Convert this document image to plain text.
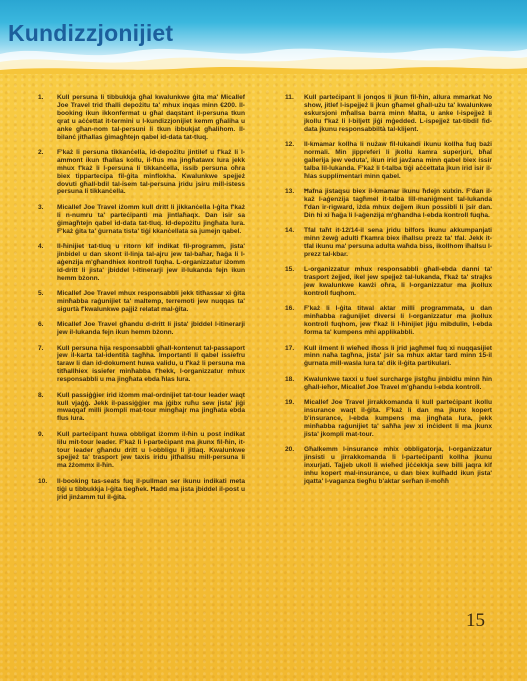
Kundizzjonijiet
1.	Kull persuna li tibbukkja għal kwalunkwe ġita ma' Micallef Joe Travel trid tħalli depożitu ta' mhux inqas minn €200. Il-booking ikun ikkonfermat u għal daqstant il-persuna tkun qrat u aċċettat it-termini u l-kundizzjonijiet kemm għaliha u anke għan-nom tal-persuni li tkun ibbukjat għalihom. Il-bilanċ jitħallas ġimagħtejn qabel id-data tat-tluq.
2.	F'każ li persuna tikkanċella, id-depożitu jintilef u f'każ li l-ammont ikun tħallas kollu, il-flus ma jingħatawx lura jekk mhux f'każ li l-persuna li tikkanċella, issib persuna oħra biex tippartecipa fil-ġita minflokha. Kwalunkwe spejjeż dovuti għall-bdil tal-isem tal-persuna jridu jsiru mill-istess persuna li tikkanċella.
3.	Micallef Joe Travel iżomm kull dritt li jikkanċella l-ġita f'każ li n-numru ta' parteċipanti ma jintlaħaqx. Dan isir sa ġimagħtejn qabel id-data tat-tluq. Id-depożitu jingħata lura. F'każ ġita ta' ġurnata tista' tiġi kkanċellata sa jumejn qabel.
4.	Il-ħinijiet tat-tluq u ritorn kif indikat fil-programm, jista' jinbidel u dan skont il-linja tal-ajru jew tal-baħar, ħaġa li l-aġenzija m'għandhiex kontroll fuqha. L-organizzatur iżomm id-dritt li jista' jbiddel l-itinerarji jew il-lukanda fejn ikun hemm bżonn.
5.	Micallef Joe Travel mhux responsabbli jekk titħassar xi ġita minħabba raġunijiet ta' maltemp, terremoti jew nuqqas ta' sigurtà f'kwalunkwe pajjiż relatat mal-ġita.
6.	Micallef Joe Travel għandu d-dritt li jista' jbiddel l-itinerarji jew il-lukanda fejn ikun hemm bżonn.
7.	Kull persuna hija responsabbli għall-kontenut tal-passaport jew il-karta tal-identità tagħha. Importanti li qabel issiefru taraw li dan id-dokument huwa validu, u f'każ li persuna ma titħallhiex issiefer minħabba f'hekk, l-organizzatur mhux responsabbli u ma jingħata ebda ħlas lura.
8.	Kull passiġġier irid iżomm mal-ordnijiet tat-tour leader waqt kull vjaġġ. Jekk il-passiġġier ma jġibx ruħu sew jista' jiġi mwaqqaf milli jkompli mat-tour mingħajr ma jingħata ebda flus lura.
9.	Kull parteċipant huwa obbligat iżomm il-ħin u post indikat lilu mit-tour leader. F'każ li l-parteċipant ma jkunx fil-ħin, it-tour leader għandu dritt u l-obbligu li jitlaq. Kwalunkwe spejjeż ta' trasport jew taxis iridu jitħallsu mill-persuna li ma żżommx il-ħin.
10.	Il-booking tas-seats fuq il-pullman ser ikunu indikati meta tiġi u tibbukkja l-ġita tiegħek. Ħadd ma jista jbiddel il-post u jrid jinżamm tul il-ġita.
11.	Kull parteċipant li jonqos li jkun fil-ħin, allura mmarkat No show, jitlef l-ispejjeż li jkun għamel għall-użu ta' kwalunkwe eskursjoni mħallsa barra minn Malta, u anke l-ispejjeż li jkollu f'każ li l-biljett jiġi mġedded. L-ispejjeż tat-tibdil fid-data jkunu responsabbiltà tal-klijent.
12.	Il-kmamar kollha li nużaw fil-lukandi ikunu kollha fuq bażi normali. Min jippreferi li jkollu kamra superjuri, bħal gallerija jew veduta', ikun irid javżana minn qabel biex issir talba lil-lukanda. F'każ li t-talba tiġi aċċettata jkun irid isir il-ħlas supplimentari minn qabel.
13.	Ħafna jistaqsu biex il-kmamar ikunu ħdejn xulxin. F'dan il-każ l-aġenzija tagħmel it-talba lill-maniġment tal-lukanda f'dan ir-rigward, iżda mhux dejjem ikun possibli li jsir dan. Din hi xi ħaġa li l-aġenzija m'għandha l-ebda kontroll fuqha.
14.	Tfal taħt it-12/14-il sena jridu bilfors ikunu akkumpanjati minn żewġ adulti f'kamra biex iħallsu prezz ta' tfal. Jekk it-tfal ikunu ma' persuna adulta waħda biss, ikollhom iħallsu l-prezz tal-kbar.
15.	L-organizzatur mhux responsabbli għall-ebda danni ta' trasport żejjed, ikel jew spejjeż tal-lukanda, f'każ ta' strajks jew kwalunkwe kawżi oħra, li l-organizzatur ma jkollux kontroll fuqhom.
16.	F'każ li l-ġita titwal aktar milli programmata, u dan minħabba raġunijiet diversi li l-organizzatur ma jkollux kontroll fuqhom, jew f'każ li l-ħinijiet jiġu mibdulin, l-ebda forma ta' kumpens mhi applikabbli.
17.	Kull ilment li wieħed iħoss li jrid jagħmel fuq xi nuqqasijiet minn naħa tagħna, jista' jsir sa mhux aktar tard minn 15-il ġurnata mill-wasla lura ta' dik il-ġita partikulari.
18.	Kwalunkwe taxxi u fuel surcharge jistgħu jinbidlu minn ħin għall-ieħor, Micallef Joe Travel m'għandu l-ebda kontroll.
19.	Micallef Joe Travel jirrakkomanda li kull parteċipant ikollu insurance waqt il-ġita. F'każ li dan ma jkunx kopert b'insurance, l-ebda kumpens ma jingħata lura, jekk minħabba raġunijiet ta' saħħa jew xi inċident li ma jkunx jista' jkompli mat-tour.
20.	Għalkemm l-insurance mhix obbligatorja, l-organizzatur jinsisti u jirrakkomanda li l-parteċipanti kollha jkunu inxurjati. Tajjeb ukoll li wieħed jiċċekkja sew billi jaqra kif inhu kopert mal-insurance, u dan biex kulħadd ikun jista' jqatta' l-vaganza tiegħu b'aktar serħan il-moħħ
15
